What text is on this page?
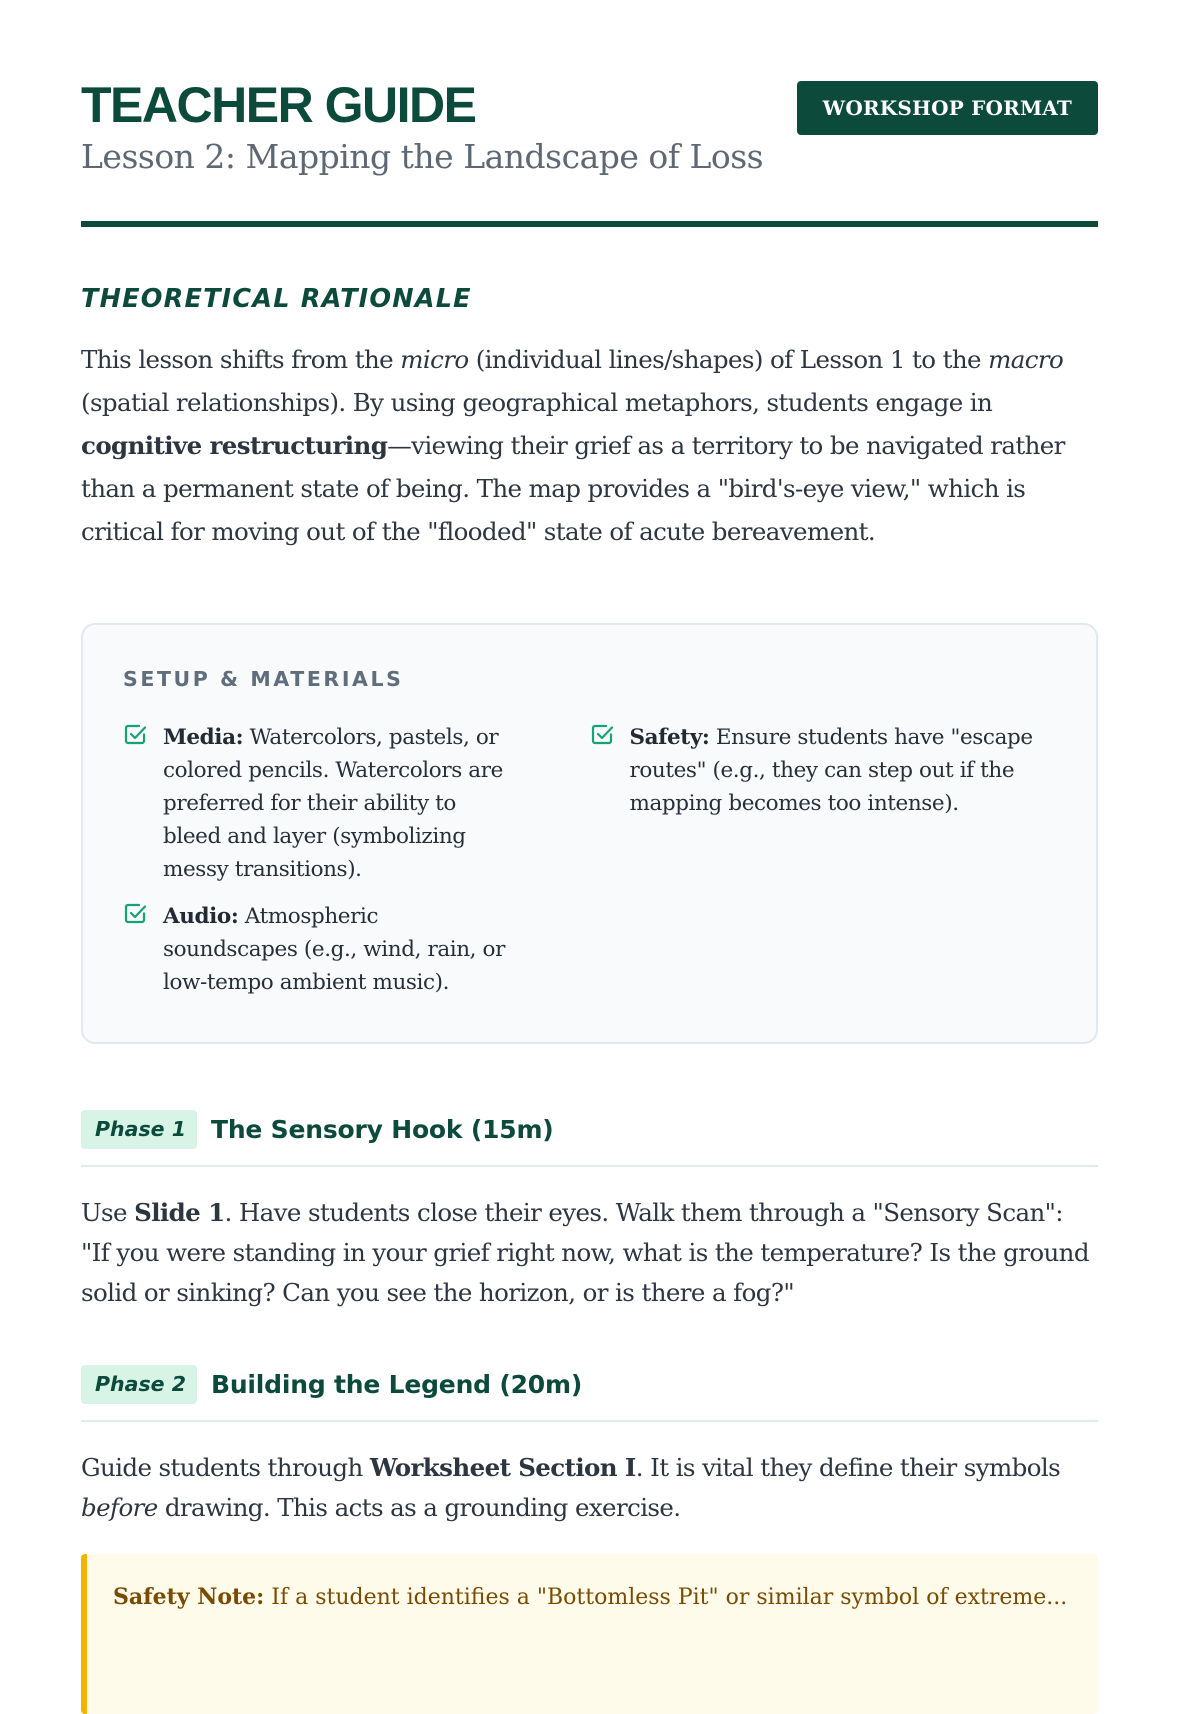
TEACHER GUIDE
Lesson 2: Mapping the Landscape of Loss
WORKSHOP FORMAT
THEORETICAL RATIONALE

This lesson shifts from the micro (individual lines/shapes) of Lesson 1 to the macro (spatial relationships). By using geographical metaphors, students engage in cognitive restructuring—viewing their grief as a territory to be navigated rather than a permanent state of being. The map provides a "bird's-eye view," which is critical for moving out of the "flooded" state of acute bereavement.

SETUP & MATERIALS
Media: Watercolors, pastels, or colored pencils. Watercolors are preferred for their ability to bleed and layer (symbolizing messy transitions).
Audio: Atmospheric soundscapes (e.g., wind, rain, or low-tempo ambient music).
Safety: Ensure students have "escape routes" (e.g., they can step out if the mapping becomes too intense).
Phase 1	The Sensory Hook (15m)

Use Slide 1. Have students close their eyes. Walk them through a "Sensory Scan": "If you were standing in your grief right now, what is the temperature? Is the ground solid or sinking? Can you see the horizon, or is there a fog?"

Phase 2	Building the Legend (20m)

Guide students through Worksheet Section I. It is vital they define their symbols before drawing. This acts as a grounding exercise.

Safety Note: If a student identifies a "Bottomless Pit" or similar symbol of extreme...
